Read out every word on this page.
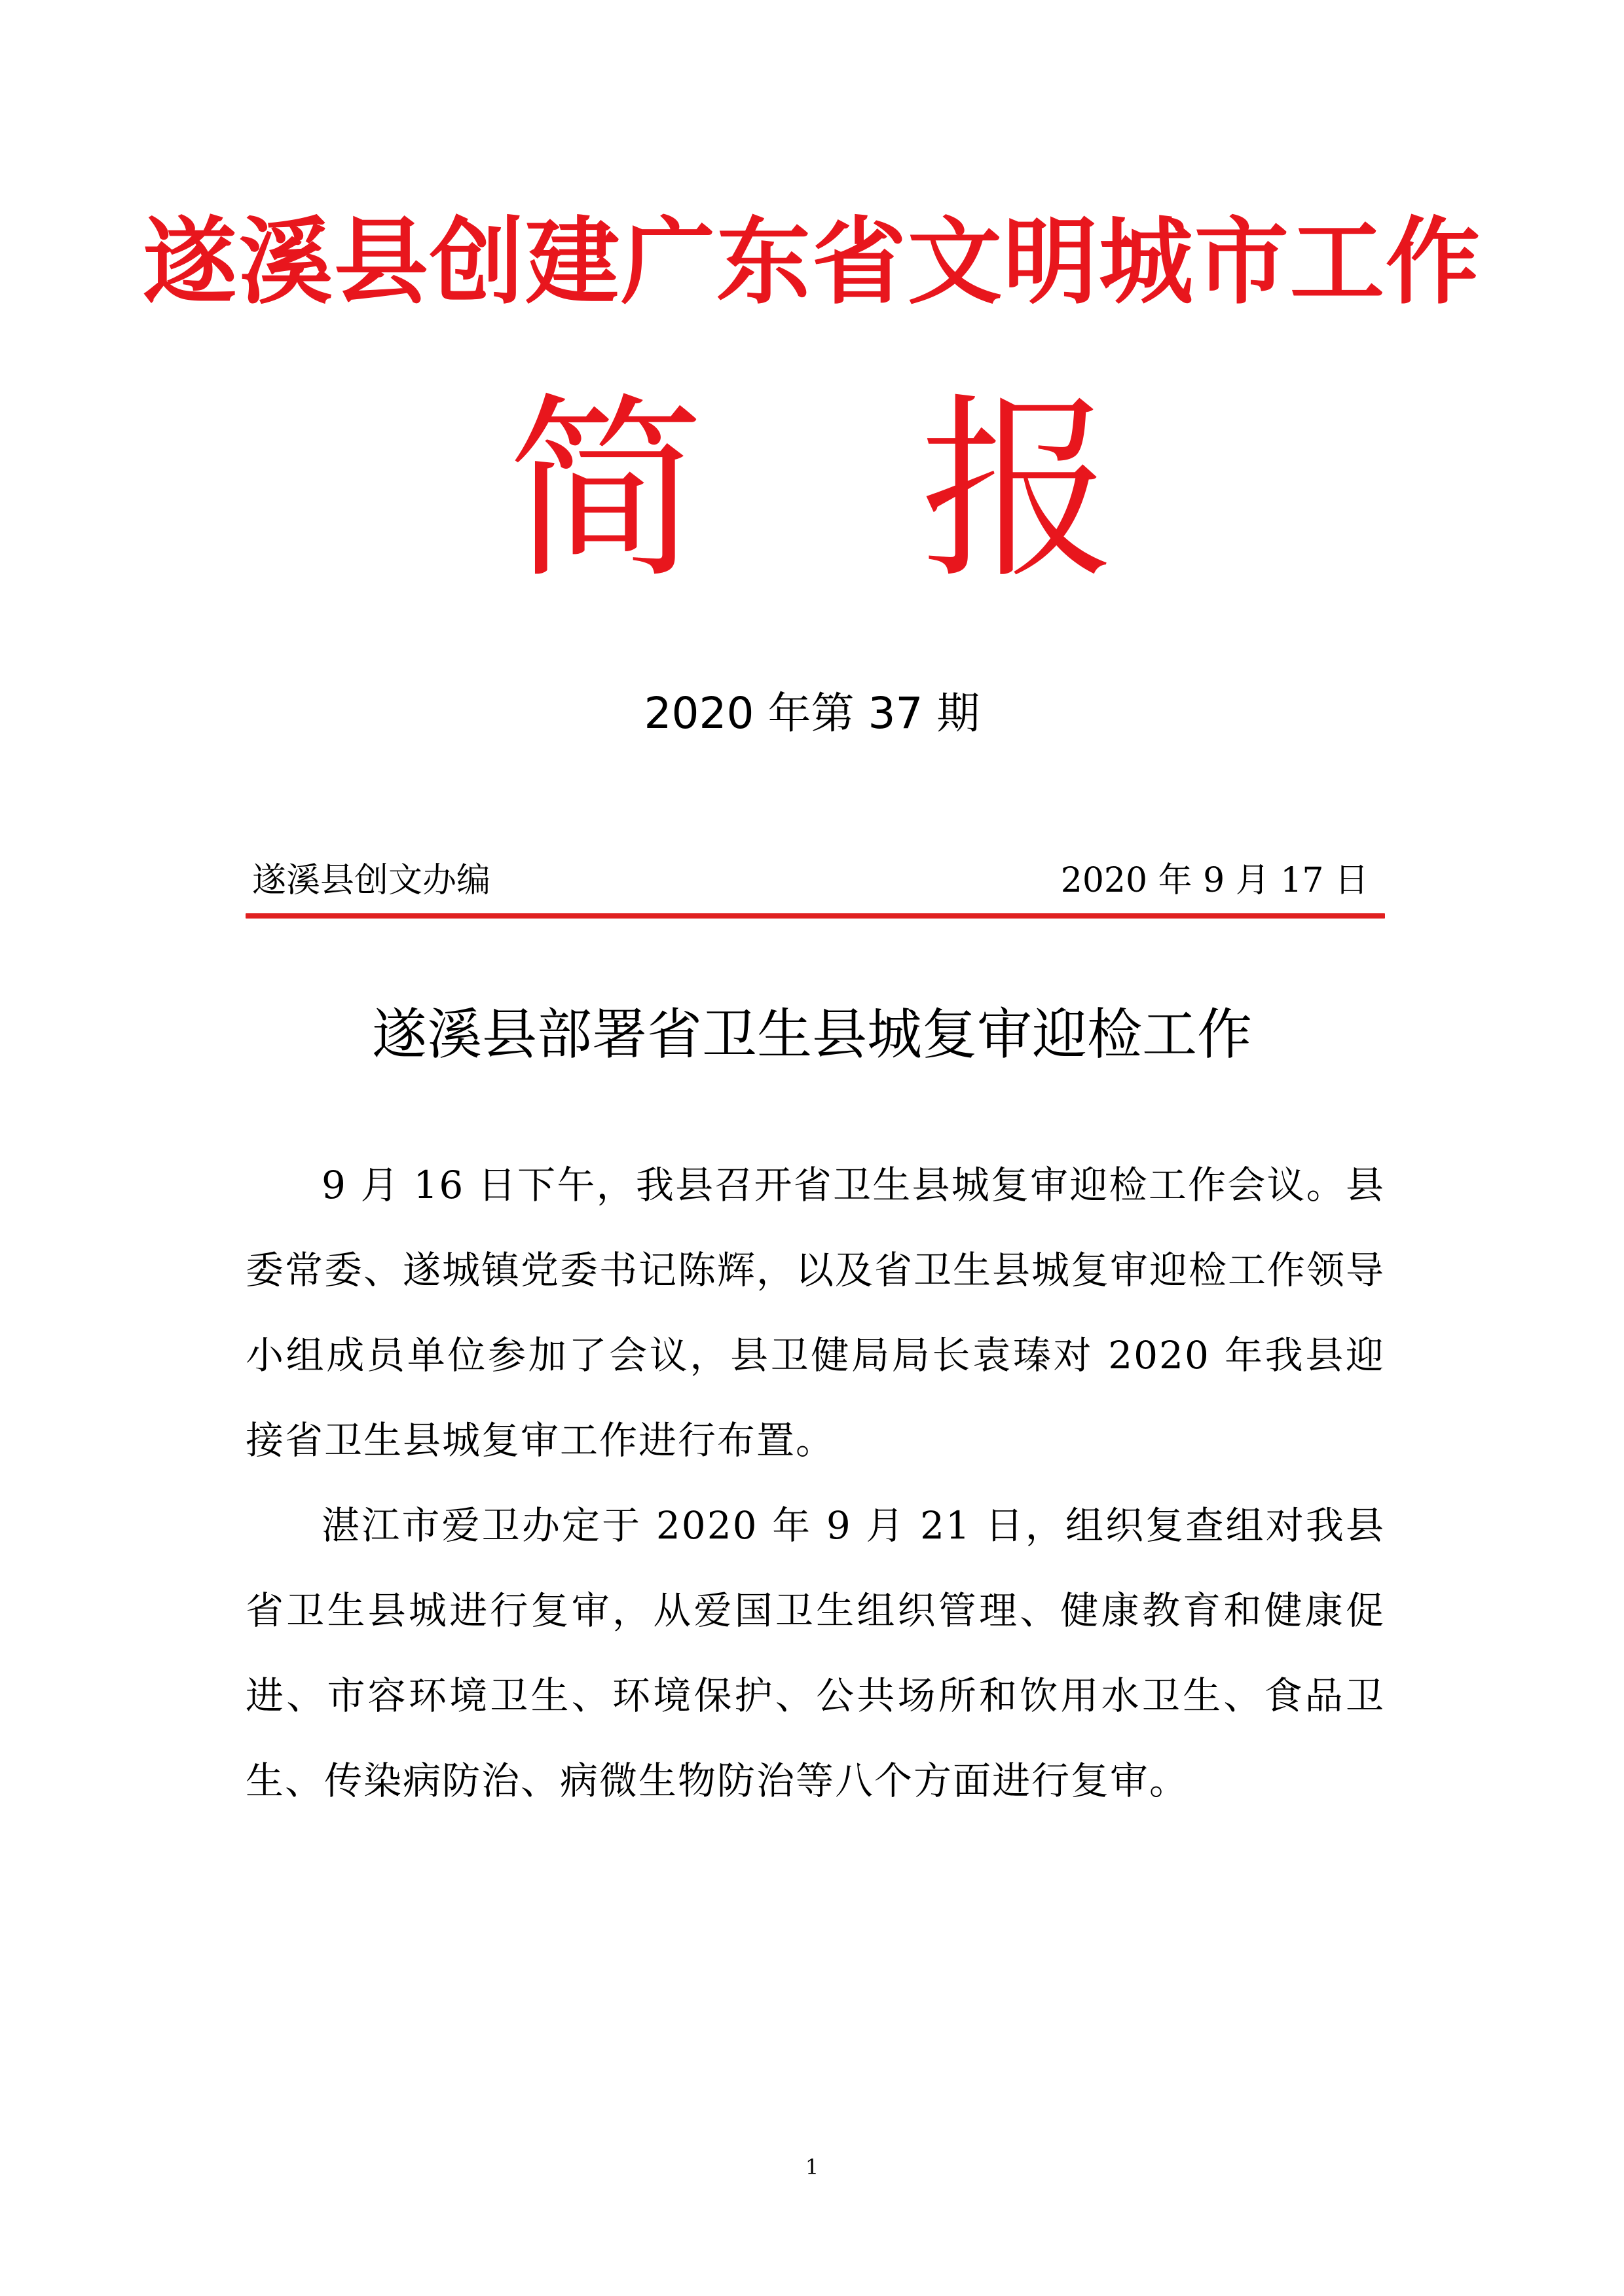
遂溪县创建广东省文明城市工作
简 报
2020 年第 37 期
遂溪县创文办编	2020 年 9 月 17 日
遂溪县部署省卫生县城复审迎检工作

9 月 16 日下午，我县召开省卫生县城复审迎检工作会议。县委常委、遂城镇党委书记陈辉，以及省卫生县城复审迎检工作领导小组成员单位参加了会议，县卫健局局长袁瑧对 2020 年我县迎接省卫生县城复审工作进行布置。

湛江市爱卫办定于 2020 年 9 月 21 日，组织复查组对我县省卫生县城进行复审，从爱国卫生组织管理、健康教育和健康促进、市容环境卫生、环境保护、公共场所和饮用水卫生、食品卫生、传染病防治、病微生物防治等八个方面进行复审。

1
